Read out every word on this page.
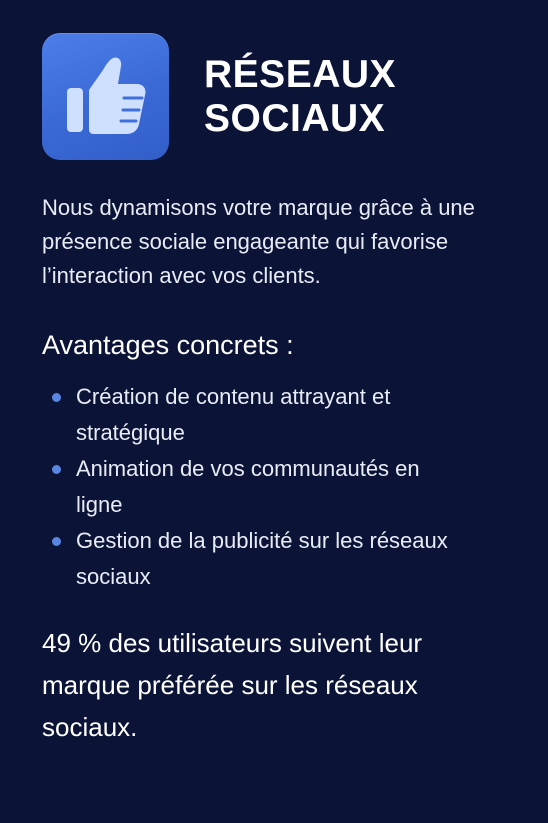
RÉSEAUX SOCIAUX
Nous dynamisons votre marque grâce à une présence sociale engageante qui favorise l’interaction avec vos clients.
Avantages concrets :
Création de contenu attrayant et stratégique
Animation de vos communautés en ligne
Gestion de la publicité sur les réseaux sociaux
49 % des utilisateurs suivent leur marque préférée sur les réseaux sociaux.
